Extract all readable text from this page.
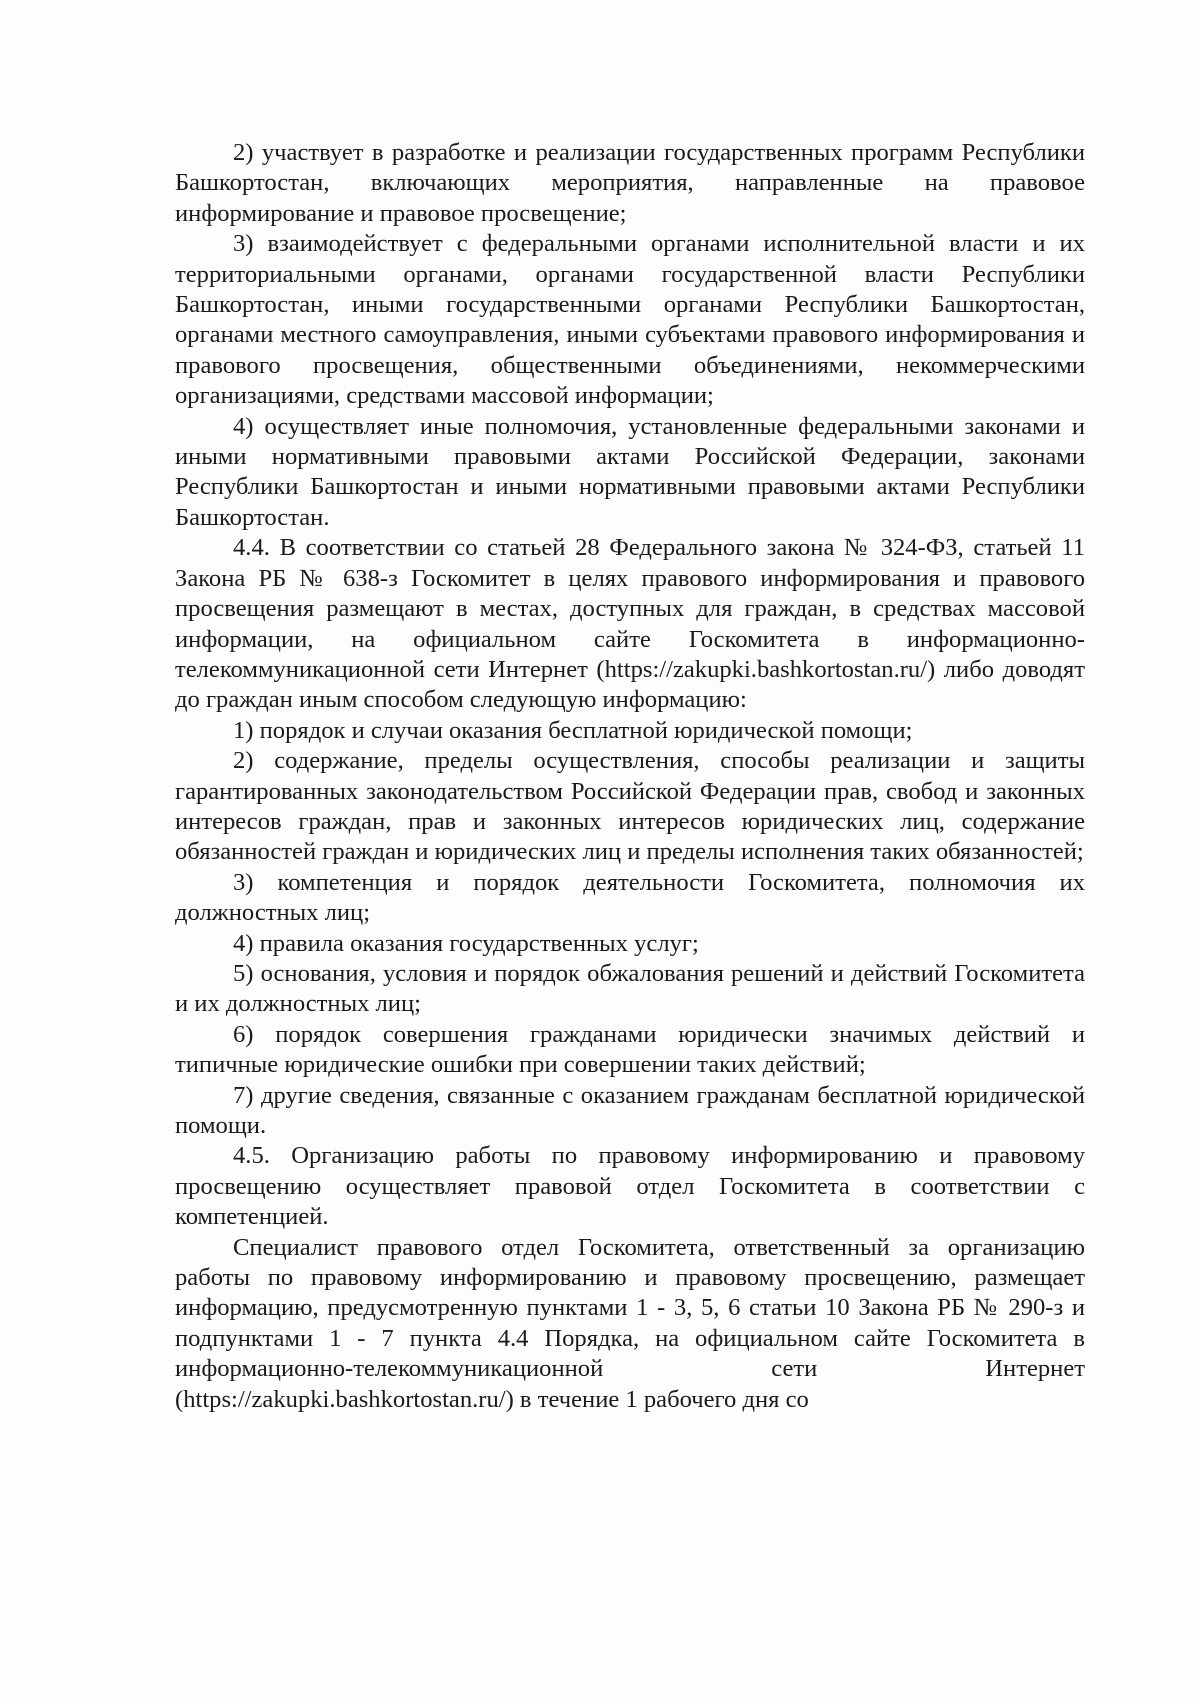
2) участвует в разработке и реализации государственных программ Республики Башкортостан, включающих мероприятия, направленные на правовое информирование и правовое просвещение;

3) взаимодействует с федеральными органами исполнительной власти и их территориальными органами, органами государственной власти Республики Башкортостан, иными государственными органами Республики Башкортостан, органами местного самоуправления, иными субъектами правового информирования и правового просвещения, общественными объединениями, некоммерческими организациями, средствами массовой информации;

4) осуществляет иные полномочия, установленные федеральными законами и иными нормативными правовыми актами Российской Федерации, законами Республики Башкортостан и иными нормативными правовыми актами Республики Башкортостан.

4.4. В соответствии со статьей 28 Федерального закона № 324-ФЗ, статьей 11 Закона РБ № 638-з Госкомитет в целях правового информирования и правового просвещения размещают в местах, доступных для граждан, в средствах массовой информации, на официальном сайте Госкомитета в информационно-телекоммуникационной сети Интернет (https://zakupki.bashkortostan.ru/) либо доводят до граждан иным способом следующую информацию:

1) порядок и случаи оказания бесплатной юридической помощи;

2) содержание, пределы осуществления, способы реализации и защиты гарантированных законодательством Российской Федерации прав, свобод и законных интересов граждан, прав и законных интересов юридических лиц, содержание обязанностей граждан и юридических лиц и пределы исполнения таких обязанностей;

3) компетенция и порядок деятельности Госкомитета, полномочия их должностных лиц;

4) правила оказания государственных услуг;

5) основания, условия и порядок обжалования решений и действий Госкомитета и их должностных лиц;

6) порядок совершения гражданами юридически значимых действий и типичные юридические ошибки при совершении таких действий;

7) другие сведения, связанные с оказанием гражданам бесплатной юридической помощи.

4.5. Организацию работы по правовому информированию и правовому просвещению осуществляет правовой отдел Госкомитета в соответствии с компетенцией.

Специалист правового отдел Госкомитета, ответственный за организацию работы по правовому информированию и правовому просвещению, размещает информацию, предусмотренную пунктами 1 - 3, 5, 6 статьи 10 Закона РБ № 290-з и подпунктами 1 - 7 пункта 4.4 Порядка, на официальном сайте Госкомитета в информационно-телекоммуникационной сети Интернет (https://zakupki.bashkortostan.ru/) в течение 1 рабочего дня со
